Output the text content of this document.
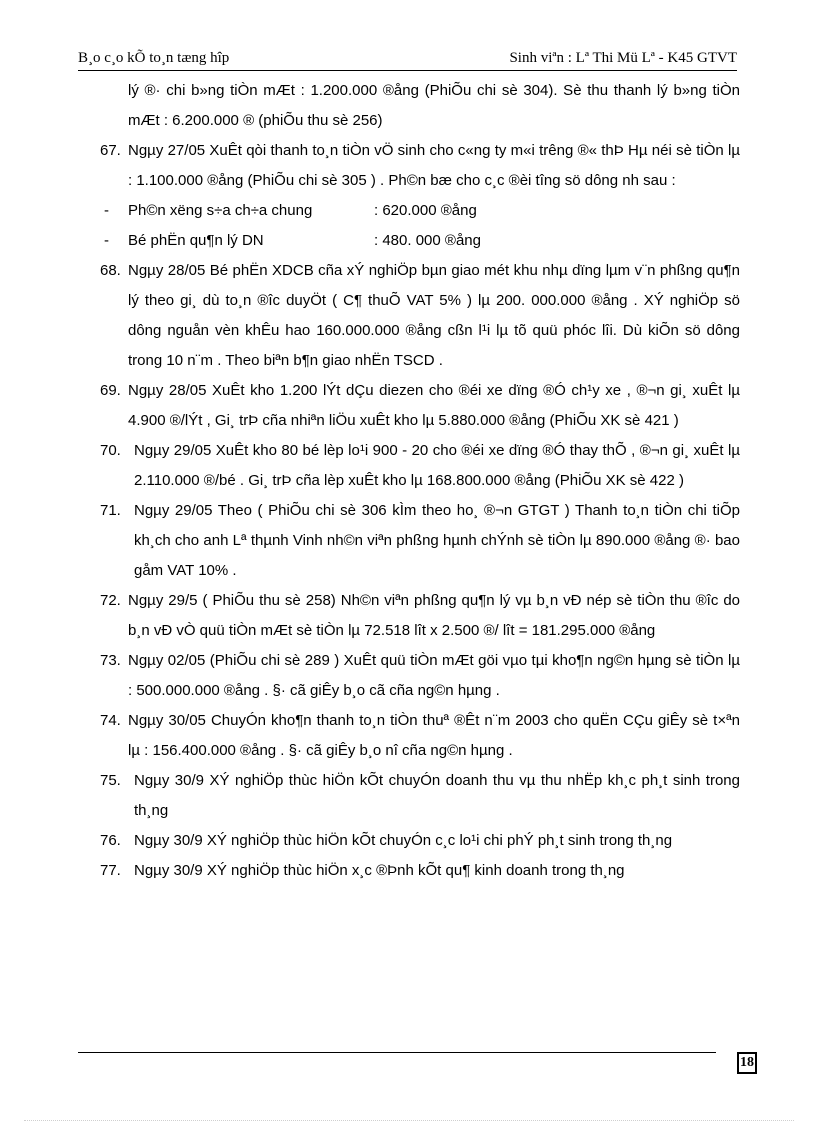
B¸o c¸o kÕ to¸n tæng hîp	Sinh viªn : Lª Thi Mü Lª - K45 GTVT
lý ®· chi b»ng tiÒn mÆt : 1.200.000 ®ång (PhiÕu chi sè 304). Sè thu thanh lý b»ng tiÒn mÆt : 6.200.000 ® (phiÕu thu sè 256)
67. Ngµy 27/05 XuÊt qòi thanh to¸n tiÒn vÖ sinh cho c«ng ty m«i trêng ®« thÞ Hµ néi sè tiÒn lµ : 1.100.000 ®ång (PhiÕu chi sè 305 ) . Ph©n bæ cho c¸c ®èi tîng sö dông nh sau :
- Ph©n xëng s÷a ch÷a chung	: 620.000 ®ång
- Bé phËn qu¶n lý DN	: 480. 000 ®ång
68. Ngµy 28/05 Bé phËn XDCB cña xÝ nghiÖp bµn giao mét khu nhµ dïng lµm v¨n phßng qu¶n lý theo gi¸ dù to¸n ®îc duyÖt ( C¶ thuÕ VAT 5% ) lµ 200. 000.000 ®ång . XÝ nghiÖp sö dông nguån vèn khÊu hao 160.000.000 ®ång cßn l¹i lµ tõ quü phóc lîi. Dù kiÕn sö dông trong 10 n¨m . Theo biªn b¶n giao nhËn TSCD .
69. Ngµy 28/05 XuÊt kho 1.200 lÝt dÇu diezen cho ®éi xe dïng ®Ó ch¹y xe , ®¬n gi¸ xuÊt lµ 4.900 ®/lÝt , Gi¸ trÞ cña nhiªn liÖu xuÊt kho lµ 5.880.000 ®ång (PhiÕu XK sè 421 )
70. Ngµy 29/05 XuÊt kho 80 bé lèp lo¹i 900 - 20 cho ®éi xe dïng ®Ó thay thÕ , ®¬n gi¸ xuÊt lµ 2.110.000 ®/bé . Gi¸ trÞ cña lèp xuÊt kho lµ 168.800.000 ®ång (PhiÕu XK sè 422 )
71. Ngµy 29/05 Theo ( PhiÕu chi sè 306 kÌm theo ho¸ ®¬n GTGT ) Thanh to¸n tiÒn chi tiÕp kh¸ch cho anh Lª thµnh Vinh nh©n viªn phßng hµnh chÝnh sè tiÒn lµ 890.000 ®ång ®· bao gåm VAT 10% .
72. Ngµy 29/5 ( PhiÕu thu sè 258) Nh©n viªn phßng qu¶n lý vµ b¸n vÐ nép sè tiÒn thu ®îc do b¸n vÐ vÒ quü tiÒn mÆt sè tiÒn lµ 72.518 lît x 2.500 ®/ lît = 181.295.000 ®ång
73. Ngµy 02/05 (PhiÕu chi sè 289 ) XuÊt quü tiÒn mÆt göi vµo tµi kho¶n ng©n hµng sè tiÒn lµ : 500.000.000 ®ång . §· cã giÊy b¸o cã cña ng©n hµng .
74. Ngµy 30/05 ChuyÓn kho¶n thanh to¸n tiÒn thuª ®Êt n¨m 2003 cho quËn CÇu giÊy sè t×ªn lµ : 156.400.000 ®ång . §· cã giÊy b¸o nî cña ng©n hµng .
75. Ngµy 30/9 XÝ nghiÖp thùc hiÖn kÕt chuyÓn doanh thu vµ thu nhËp kh¸c ph¸t sinh trong th¸ng
76. Ngµy 30/9 XÝ nghiÖp thùc hiÖn kÕt chuyÓn c¸c lo¹i chi phÝ ph¸t sinh trong th¸ng
77. Ngµy 30/9 XÝ nghiÖp thùc hiÖn x¸c ®Þnh kÕt qu¶ kinh doanh trong th¸ng
18
